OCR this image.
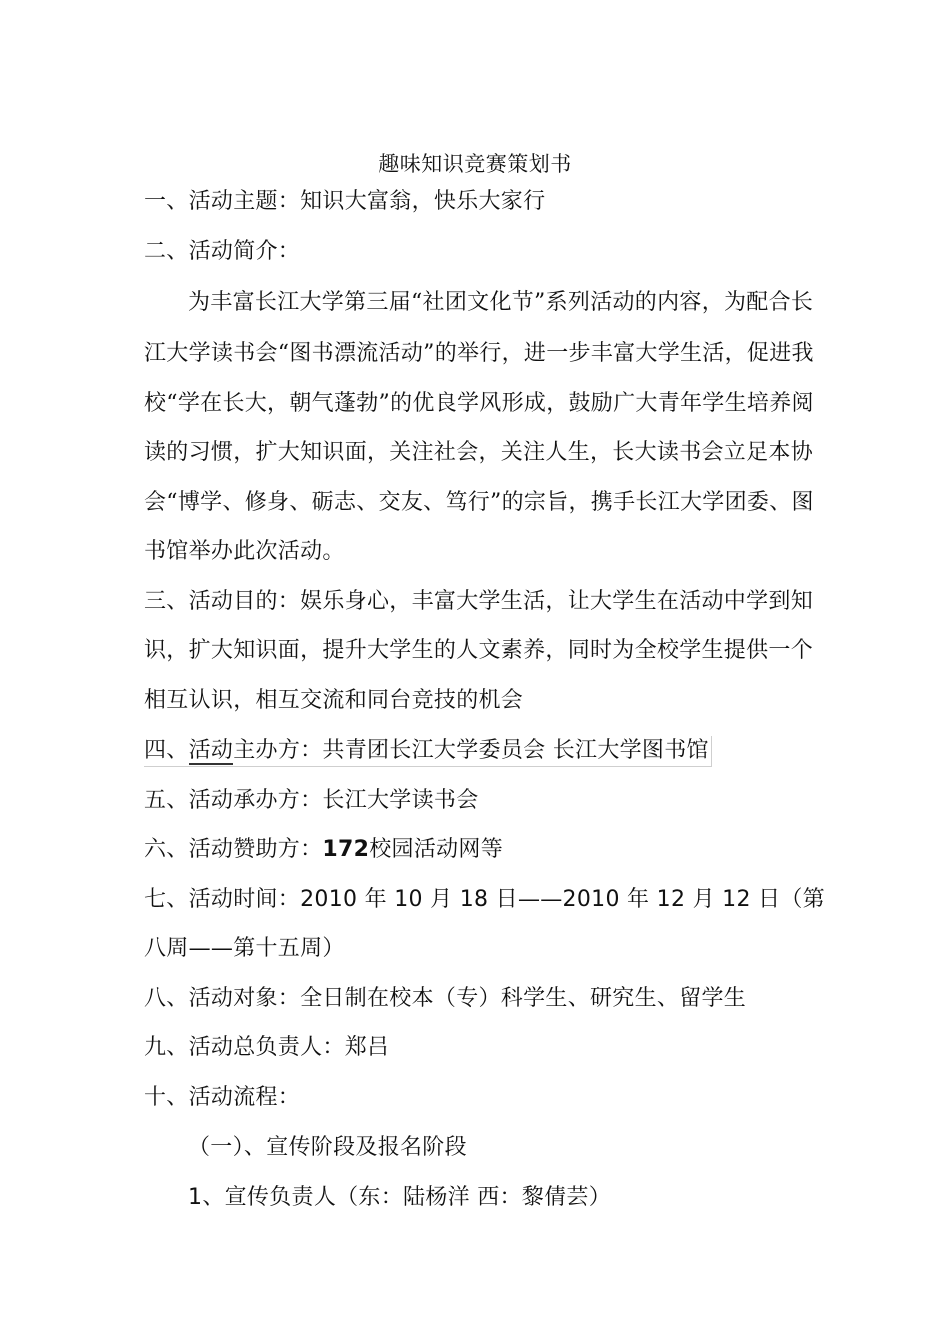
趣味知识竞赛策划书
一、活动主题：知识大富翁，快乐大家行
二、活动简介：
为丰富长江大学第三届“社团文化节”系列活动的内容，为配合长
江大学读书会“图书漂流活动”的举行，进一步丰富大学生活，促进我
校“学在长大，朝气蓬勃”的优良学风形成，鼓励广大青年学生培养阅
读的习惯，扩大知识面，关注社会，关注人生，长大读书会立足本协
会“博学、修身、砺志、交友、笃行”的宗旨，携手长江大学团委、图
书馆举办此次活动。
三、活动目的：娱乐身心，丰富大学生活，让大学生在活动中学到知
识，扩大知识面，提升大学生的人文素养，同时为全校学生提供一个
相互认识，相互交流和同台竞技的机会
四、活动主办方：共青团长江大学委员会 长江大学图书馆
五、活动承办方：长江大学读书会
六、活动赞助方：172校园活动网等
七、活动时间：2010 年 10 月 18 日——2010 年 12 月 12 日（第
八周——第十五周）
八、活动对象：全日制在校本（专）科学生、研究生、留学生
九、活动总负责人：郑吕
十、活动流程：
（一）、宣传阶段及报名阶段
1、宣传负责人（东：陆杨洋 西：黎倩芸）
